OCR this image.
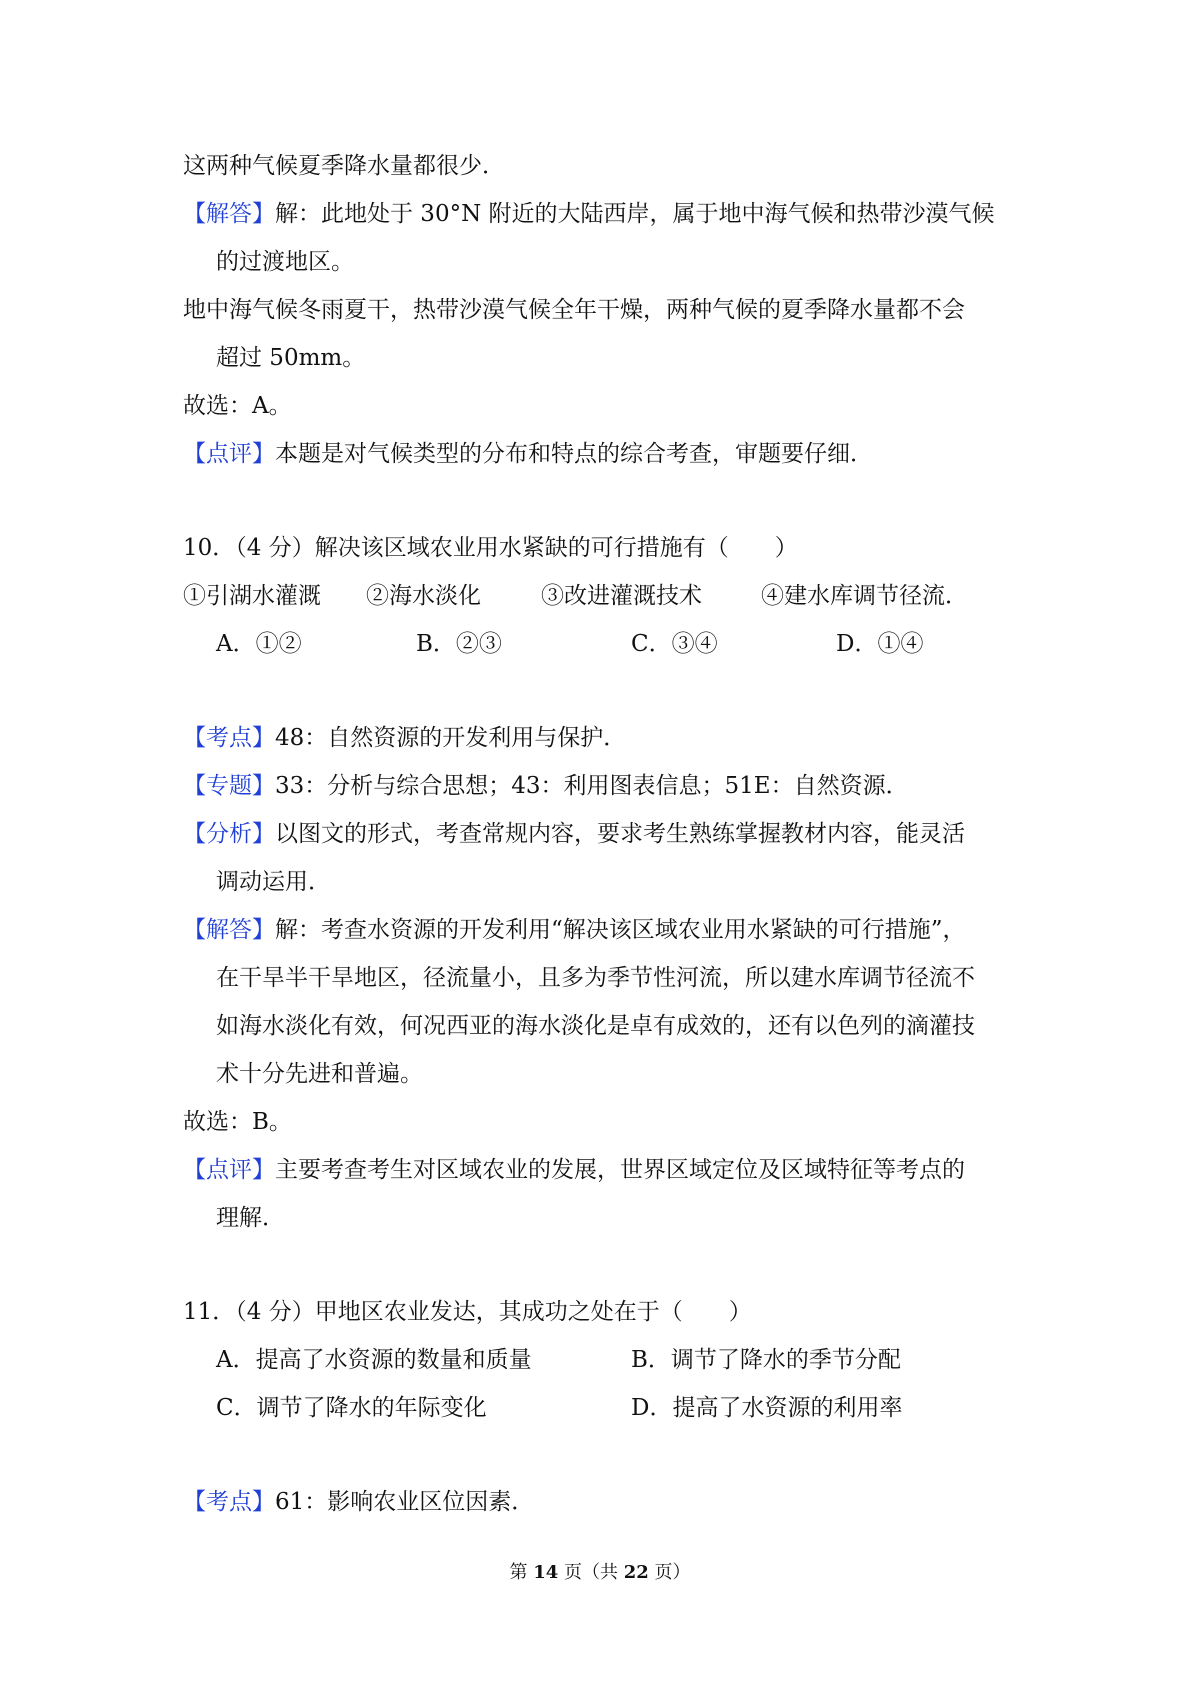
这两种气候夏季降水量都很少．
【解答】解：此地处于 30°N 附近的大陆西岸，属于地中海气候和热带沙漠气候
的过渡地区。
地中海气候冬雨夏干，热带沙漠气候全年干燥，两种气候的夏季降水量都不会
超过 50mm。
故选：A。
【点评】本题是对气候类型的分布和特点的综合考查，审题要仔细．
10．（4 分）解决该区域农业用水紧缺的可行措施有（　　）
①引湖水灌溉	②海水淡化	③改进灌溉技术	④建水库调节径流．
A．①②	B．②③	C．③④	D．①④
【考点】48：自然资源的开发利用与保护．
【专题】33：分析与综合思想；43：利用图表信息；51E：自然资源．
【分析】以图文的形式，考查常规内容，要求考生熟练掌握教材内容，能灵活
调动运用．
【解答】解：考查水资源的开发利用“解决该区域农业用水紧缺的可行措施”，
在干旱半干旱地区，径流量小，且多为季节性河流，所以建水库调节径流不
如海水淡化有效，何况西亚的海水淡化是卓有成效的，还有以色列的滴灌技
术十分先进和普遍。
故选：B。
【点评】主要考查考生对区域农业的发展，世界区域定位及区域特征等考点的
理解．
11．（4 分）甲地区农业发达，其成功之处在于（　　）
A．提高了水资源的数量和质量	B．调节了降水的季节分配
C．调节了降水的年际变化	D．提高了水资源的利用率
【考点】61：影响农业区位因素．
第 14 页（共 22 页）
